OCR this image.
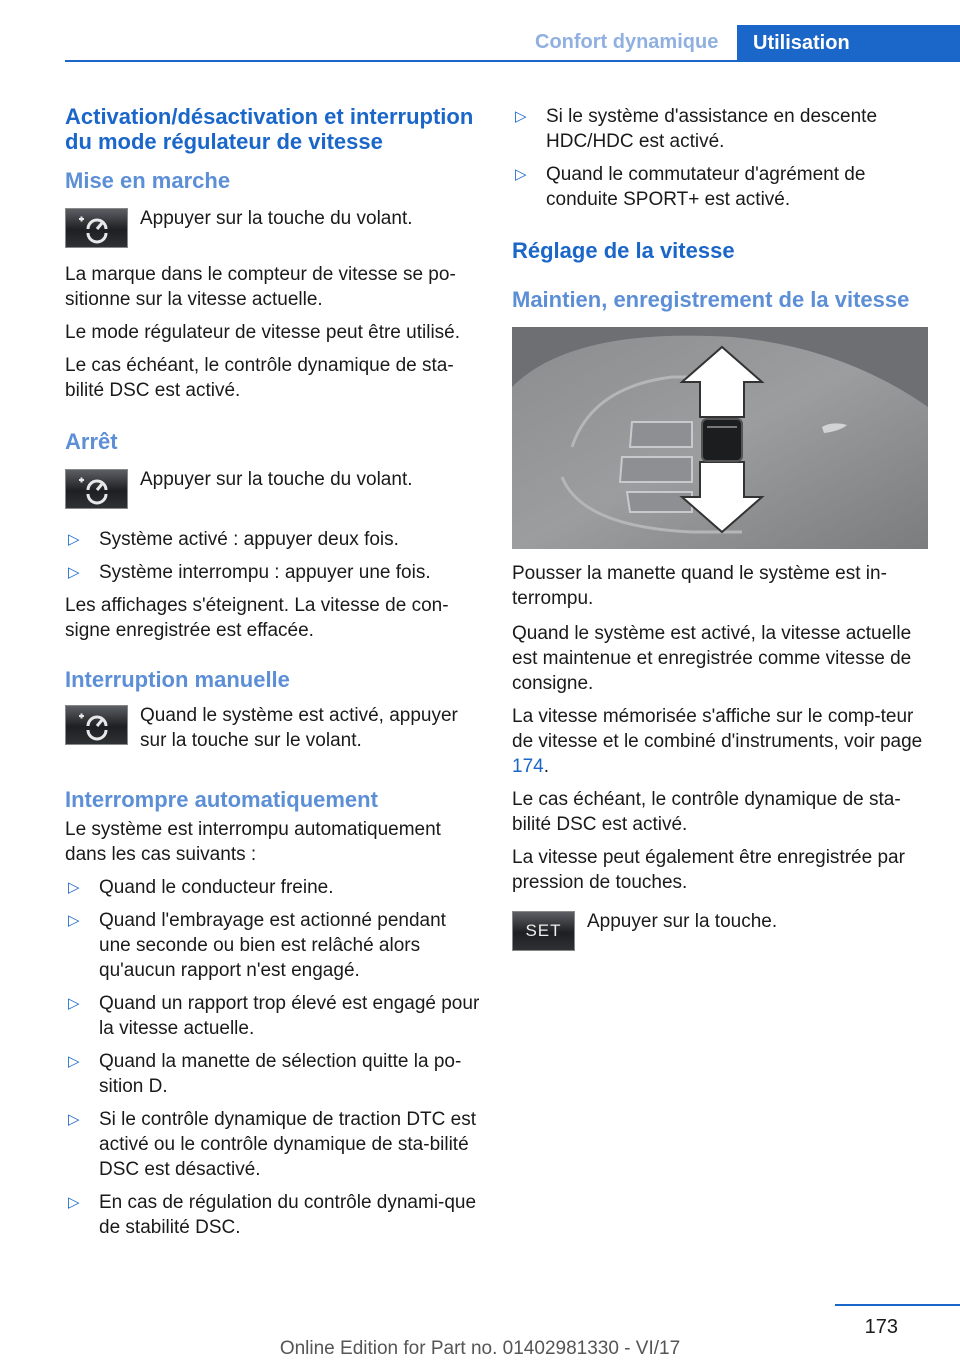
Confort dynamique	Utilisation
Activation/désactivation et interruption du mode régulateur de vitesse
Mise en marche
Appuyer sur la touche du volant.

La marque dans le compteur de vitesse se po-sitionne sur la vitesse actuelle.

Le mode régulateur de vitesse peut être utilisé.

Le cas échéant, le contrôle dynamique de sta-bilité DSC est activé.

Arrêt
Appuyer sur la touche du volant.
▷ Système activé : appuyer deux fois.
▷ Système interrompu : appuyer une fois.

Les affichages s'éteignent. La vitesse de con-signe enregistrée est effacée.

Interruption manuelle
Quand le système est activé, appuyer sur la touche sur le volant.
Interrompre automatiquement

Le système est interrompu automatiquement dans les cas suivants :

▷ Quand le conducteur freine.
▷ Quand l'embrayage est actionné pendant une seconde ou bien est relâché alors qu'aucun rapport n'est engagé.
▷ Quand un rapport trop élevé est engagé pour la vitesse actuelle.
▷ Quand la manette de sélection quitte la po-sition D.
▷ Si le contrôle dynamique de traction DTC est activé ou le contrôle dynamique de sta-bilité DSC est désactivé.
▷ En cas de régulation du contrôle dynami-que de stabilité DSC.
▷ Si le système d'assistance en descente HDC/HDC est activé.
▷ Quand le commutateur d'agrément de conduite SPORT+ est activé.
Réglage de la vitesse
Maintien, enregistrement de la vitesse

Pousser la manette quand le système est in-terrompu.

Quand le système est activé, la vitesse actuelle est maintenue et enregistrée comme vitesse de consigne.

La vitesse mémorisée s'affiche sur le comp-teur de vitesse et le combiné d'instruments, voir page 174.

Le cas échéant, le contrôle dynamique de sta-bilité DSC est activé.

La vitesse peut également être enregistrée par pression de touches.

SET Appuyer sur la touche.
173
Online Edition for Part no. 01402981330 - VI/17
